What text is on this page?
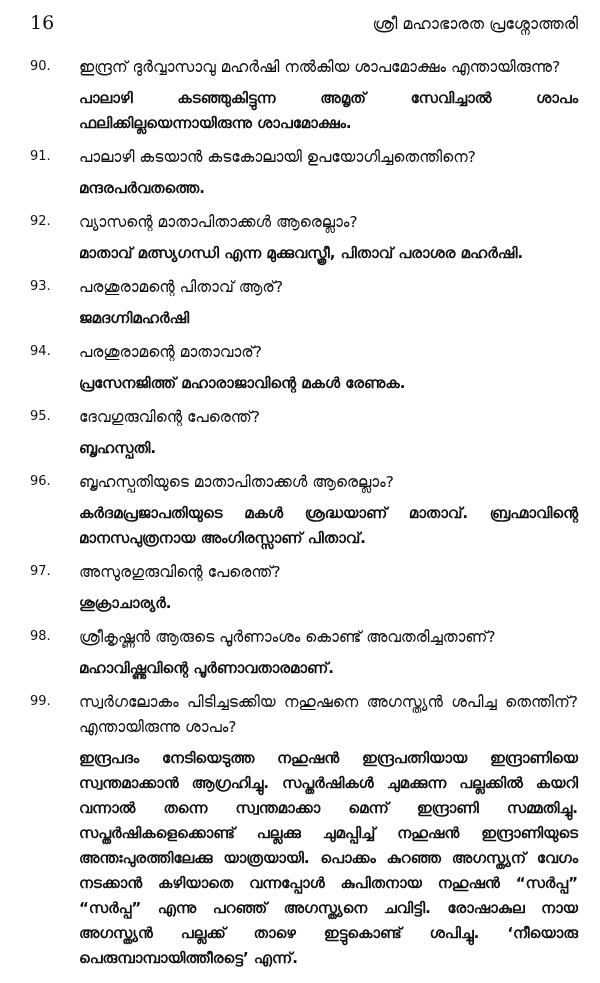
16	ശ്രീ മഹാഭാരത പ്രശ്നോത്തരി
90.	ഇന്ദ്രന് ദുർവ്വാസാവു മഹർഷി നൽകിയ ശാപമോക്ഷം എന്തായിരുന്നു?
പാലാഴി കടഞ്ഞുകിട്ടുന്ന അമൃത് സേവിച്ചാൽ ശാപം ഫലിക്കില്ലയെന്നായിരുന്നു ശാപമോക്ഷം.
91.	പാലാഴി കടയാൻ കടകോലായി ഉപയോഗിച്ചതെന്തിനെ?
മന്ദരപർവതത്തെ.
92.	വ്യാസന്റെ മാതാപിതാക്കൾ ആരെല്ലാം?
മാതാവ് മത്സ്യഗന്ധി എന്ന മുക്കുവസ്ത്രീ, പിതാവ് പരാശര മഹർഷി.
93.	പരശുരാമന്റെ പിതാവ് ആര്?
ജമദഗ്നിമഹർഷി
94.	പരശുരാമന്റെ മാതാവാര്?
പ്രസേനജിത്ത് മഹാരാജാവിന്റെ മകൾ രേണുക.
95.	ദേവഗുരുവിന്റെ പേരെന്ത്?
ബൃഹസ്പതി.
96.	ബൃഹസ്പതിയുടെ മാതാപിതാക്കൾ ആരെല്ലാം?
കർദമപ്രജാപതിയുടെ മകൾ ശ്രദ്ധയാണ് മാതാവ്. ബ്രഹ്മാവിന്റെ മാനസപുത്രനായ അംഗിരസ്സാണ് പിതാവ്.
97.	അസുരഗുരുവിന്റെ പേരെന്ത്?
ശുക്രാചാര്യർ.
98.	ശ്രീകൃഷ്ണൻ ആരുടെ പൂർണാംശം കൊണ്ട് അവതരിച്ചതാണ്?
മഹാവിഷ്ണുവിന്റെ പൂർണാവതാരമാണ്.
99.	സ്വർഗലോകം പിടിച്ചടക്കിയ നഹുഷനെ അഗസ്ത്യൻ ശപിച്ച തെന്തിന്? എന്തായിരുന്നു ശാപം?
ഇന്ദ്രപദം നേടിയെടുത്ത നഹുഷൻ ഇന്ദ്രപത്നിയായ ഇന്ദ്രാണിയെ സ്വന്തമാക്കാൻ ആഗ്രഹിച്ചു. സപ്തർഷികൾ ചുമക്കുന്ന പല്ലക്കിൽ കയറി വന്നാൽ തന്നെ സ്വന്തമാക്കാ മെന്ന് ഇന്ദ്രാണി സമ്മതിച്ചു. സപ്തർഷികളെക്കൊണ്ട് പല്ലക്കു ചുമപ്പിച്ച് നഹുഷൻ ഇന്ദ്രാണിയുടെ അന്തഃപുരത്തിലേക്കു യാത്രയായി. പൊക്കം കുറഞ്ഞ അഗസ്ത്യന് വേഗം നടക്കാൻ കഴിയാതെ വന്നപ്പോൾ കുപിതനായ നഹുഷൻ “സർപ്പ” “സർപ്പ” എന്നു പറഞ്ഞ് അഗസ്ത്യനെ ചവിട്ടി. രോഷാകുല നായ അഗസ്ത്യൻ പല്ലക്ക് താഴെ ഇട്ടുകൊണ്ട് ശപിച്ചു. ‘നീയൊരു പെരുമ്പാമ്പായിത്തീരട്ടെ’ എന്ന്.
